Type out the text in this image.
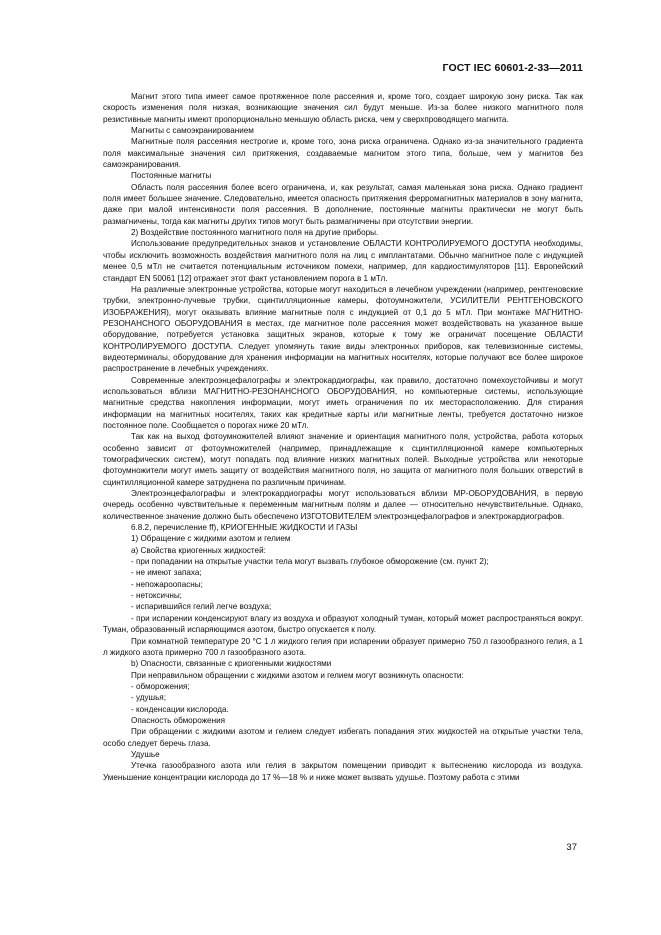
ГОСТ IEC 60601-2-33—2011

Магнит этого типа имеет самое протяженное поле рассеяния и, кроме того, создает широкую зону риска. Так как скорость изменения поля низкая, возникающие значения сил будут меньше. Из-за более низкого магнитного поля резистивные магниты имеют пропорционально меньшую область риска, чем у сверхпроводящего магнита.

Магниты с самоэкранированием

Магнитные поля рассеяния нестрогие и, кроме того, зона риска ограничена. Однако из-за значительного градиента поля максимальные значения сил притяжения, создаваемые магнитом этого типа, больше, чем у магнитов без самоэкранирования.

Постоянные магниты

Область поля рассеяния более всего ограничена, и, как результат, самая маленькая зона риска. Однако градиент поля имеет большее значение. Следовательно, имеется опасность притяжения ферромагнитных материалов в зону магнита, даже при малой интенсивности поля рассеяния. В дополнение, постоянные магниты практически не могут быть размагничены, тогда как магниты других типов могут быть размагничены при отсутствии энергии.

2) Воздействие постоянного магнитного поля на другие приборы.

Использование предупредительных знаков и установление ОБЛАСТИ КОНТРОЛИРУЕМОГО ДОСТУПА необходимы, чтобы исключить возможность воздействия магнитного поля на лиц с имплантатами. Обычно магнитное поле с индукцией менее 0,5 мТл не считается потенциальным источником помехи, например, для кардиостимуляторов [11]. Европейский стандарт EN 50061 [12] отражает этот факт установлением порога в 1 мТл.

На различные электронные устройства, которые могут находиться в лечебном учреждении (например, рентгеновские трубки, электронно-лучевые трубки, сцинтилляционные камеры, фотоумножители, УСИЛИТЕЛИ РЕНТГЕНОВСКОГО ИЗОБРАЖЕНИЯ), могут оказывать влияние магнитные поля с индукцией от 0,1 до 5 мТл. При монтаже МАГНИТНО-РЕЗОНАНСНОГО ОБОРУДОВАНИЯ в местах, где магнитное поле рассеяния может воздействовать на указанное выше оборудование, потребуется установка защитных экранов, которые к тому же ограничат посещение ОБЛАСТИ КОНТРОЛИРУЕМОГО ДОСТУПА. Следует упомянуть такие виды электронных приборов, как телевизионные системы, видеотерминалы, оборудование для хранения информации на магнитных носителях, которые получают все более широкое распространение в лечебных учреждениях.

Современные электроэнцефалографы и электрокардиографы, как правило, достаточно помехоустойчивы и могут использоваться вблизи МАГНИТНО-РЕЗОНАНСНОГО ОБОРУДОВАНИЯ, но компьютерные системы, использующие магнитные средства накопления информации, могут иметь ограничения по их месторасположению. Для стирания информации на магнитных носителях, таких как кредитные карты или магнитные ленты, требуется достаточно низкое постоянное поле. Сообщается о порогах ниже 20 мТл.

Так как на выход фотоумножителей влияют значение и ориентация магнитного поля, устройства, работа которых особенно зависит от фотоумножителей (например, принадлежащие к сцинтилляционной камере компьютерных томографических систем), могут попадать под влияние низких магнитных полей. Выходные устройства или некоторые фотоумножители могут иметь защиту от воздействия магнитного поля, но защита от магнитного поля больших отверстий в сцинтилляционной камере затруднена по различным причинам.

Электроэнцефалографы и электрокардиографы могут использоваться вблизи МР-ОБОРУДОВАНИЯ, в первую очередь особенно чувствительные к переменным магнитным полям и далее — относительно нечувствительные. Однако, количественное значение должно быть обеспечено ИЗГОТОВИТЕЛЕМ электроэнцефалографов и электрокардиографов.

6.8.2, перечисление ff), КРИОГЕННЫЕ ЖИДКОСТИ И ГАЗЫ

1) Обращение с жидкими азотом и гелием

a) Свойства криогенных жидкостей:

- при попадании на открытые участки тела могут вызвать глубокое обморожение (см. пункт 2);

- не имеют запаха;

- непожароопасны;

- нетоксичны;

- испарившийся гелий легче воздуха;

- при испарении конденсируют влагу из воздуха и образуют холодный туман, который может распространяться вокруг. Туман, образованный испаряющимся азотом, быстро опускается к полу.

При комнатной температуре 20 °С 1 л жидкого гелия при испарении образует примерно 750 л газообразного гелия, а 1 л жидкого азота примерно 700 л газообразного азота.

b) Опасности, связанные с криогенными жидкостями

При неправильном обращении с жидкими азотом и гелием могут возникнуть опасности:

- обморожения;

- удушья;

- конденсации кислорода.

Опасность обморожения

При обращении с жидкими азотом и гелием следует избегать попадания этих жидкостей на открытые участки тела, особо следует беречь глаза.

Удушье

Утечка газообразного азота или гелия в закрытом помещении приводит к вытеснению кислорода из воздуха. Уменьшение концентрации кислорода до 17 %—18 % и ниже может вызвать удушье. Поэтому работа с этими

37
